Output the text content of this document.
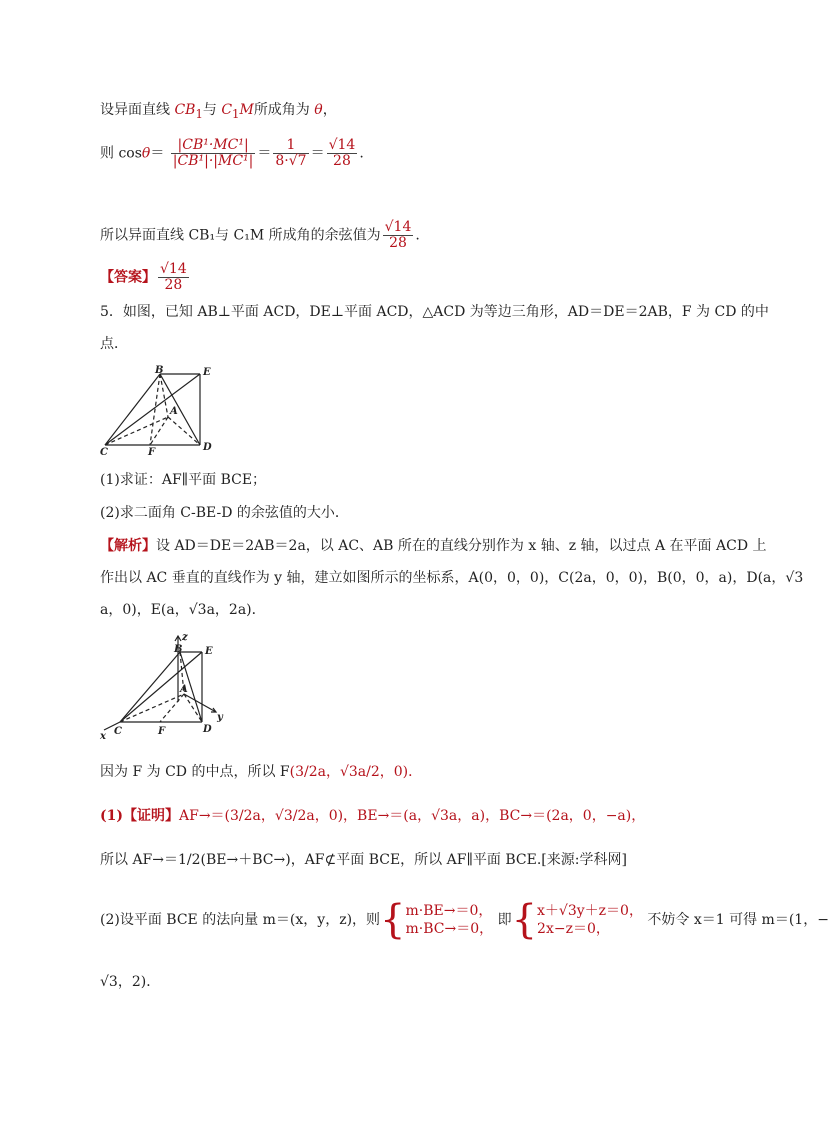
设异面直线 $CB_1$与 $C_1M$所成角为 θ，
则 $\cos\theta= \frac{\text{|CB¹·MC¹|}}{\text{|CB¹|·|MC¹|}} = \frac{1}{8\cdot√7} = \frac{√14}{28}$ .
所以异面直线 CB₁与 C₁M 所成角的余弦值为 $\frac{√14}{28}$ .
【答案】 $\frac{√14}{28}$
5．如图，已知 AB⊥平面 ACD，DE⊥平面 ACD，△ACD 为等边三角形，AD＝DE＝2AB，F 为 CD 的中
点．
B	E
A
C	F	D
(1)求证：AF∥平面 BCE；
(2)求二面角 C-BE-D 的余弦值的大小．
【解析】设 AD＝DE＝2AB＝2a，以 AC、AB 所在的直线分别作为 x 轴、z 轴，以过点 A 在平面 ACD 上
作出以 AC 垂直的直线作为 y 轴，建立如图所示的坐标系，A(0，0，0)，C(2a，0，0)，B(0，0，a)，D(a，√3
a，0)，E(a，√3a，2a)．
z
B E
A
y
x C	F	D
因为 F 为 CD 的中点，所以 F(3/2a，√3a/2，0)．
(1)【证明】AF→＝(3/2a，√3/2a，0)，BE→＝(a，√3a，a)，BC→＝(2a，0，−a)，
所以 AF→＝1/2(BE→＋BC→)，AF⊄平面 BCE，所以 AF∥平面 BCE.[来源:学科网]
(2)设平面 BCE 的法向量 m＝(x，y，z)，则{m·BE→＝0，
m·BC→＝0， 即{x＋√3y＋z＝0，
2x−z＝0， 不妨令 x＝1 可得 m＝(1，−
√3，2)．
